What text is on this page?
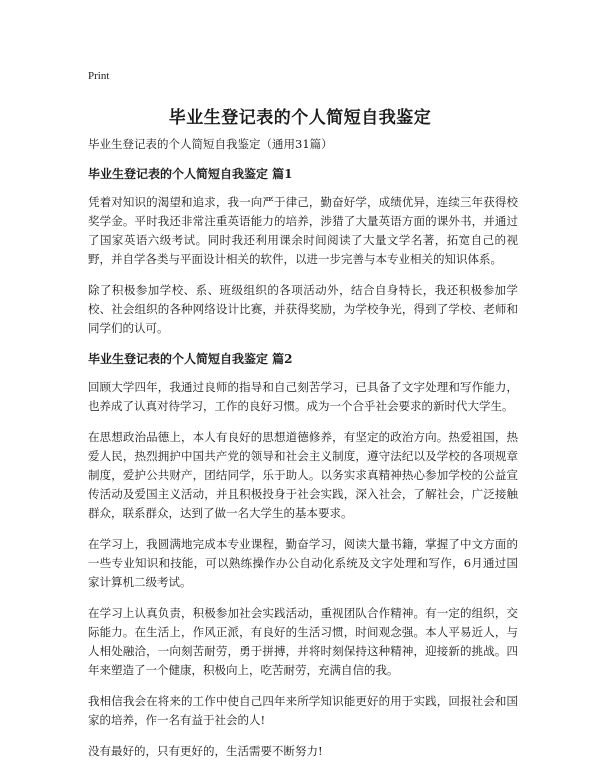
Print
毕业生登记表的个人简短自我鉴定
毕业生登记表的个人简短自我鉴定（通用31篇）
毕业生登记表的个人简短自我鉴定 篇1

凭着对知识的渴望和追求，我一向严于律己，勤奋好学，成绩优异，连续三年获得校奖学金。平时我还非常注重英语能力的培养，涉猎了大量英语方面的课外书，并通过了国家英语六级考试。同时我还利用课余时间阅读了大量文学名著，拓宽自己的视野，并自学各类与平面设计相关的软件，以进一步完善与本专业相关的知识体系。

除了积极参加学校、系、班级组织的各项活动外，结合自身特长，我还积极参加学校、社会组织的各种网络设计比赛，并获得奖励，为学校争光，得到了学校、老师和同学们的认可。

毕业生登记表的个人简短自我鉴定 篇2

回顾大学四年，我通过良师的指导和自己刻苦学习，已具备了文字处理和写作能力，也养成了认真对待学习，工作的良好习惯。成为一个合乎社会要求的新时代大学生。

在思想政治品德上，本人有良好的思想道德修养，有坚定的政治方向。热爱祖国，热爱人民，热烈拥护中国共产党的领导和社会主义制度，遵守法纪以及学校的各项规章制度，爱护公共财产，团结同学，乐于助人。以务实求真精神热心参加学校的公益宣传活动及爱国主义活动，并且积极投身于社会实践，深入社会，了解社会，广泛接触群众，联系群众，达到了做一名大学生的基本要求。

在学习上，我圆满地完成本专业课程，勤奋学习，阅读大量书籍，掌握了中文方面的一些专业知识和技能，可以熟练操作办公自动化系统及文字处理和写作，6月通过国家计算机二级考试。

在学习上认真负责，积极参加社会实践活动，重视团队合作精神。有一定的组织，交际能力。在生活上，作风正派，有良好的生活习惯，时间观念强。本人平易近人，与人相处融洽，一向刻苦耐劳，勇于拼搏，并将时刻保持这种精神，迎接新的挑战。四年来塑造了一个健康，积极向上，吃苦耐劳，充满自信的我。

我相信我会在将来的工作中使自己四年来所学知识能更好的用于实践，回报社会和国家的培养，作一名有益于社会的人!

没有最好的，只有更好的，生活需要不断努力!
